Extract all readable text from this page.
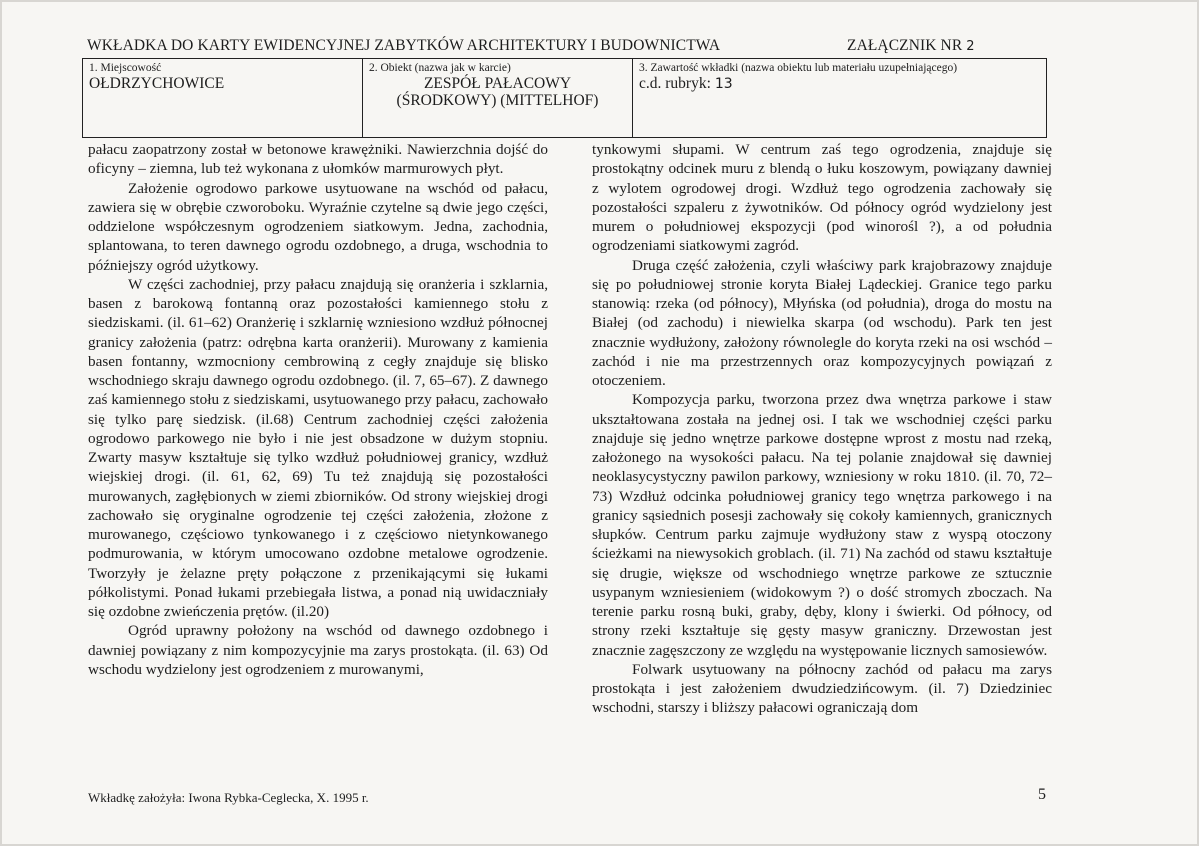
WKŁADKA DO KARTY EWIDENCYJNEJ ZABYTKÓW ARCHITEKTURY I BUDOWNICTWA	ZAŁĄCZNIK NR 2
1. Miejscowość
OŁDRZYCHOWICE

2. Obiekt (nazwa jak w karcie)
ZESPÓŁ PAŁACOWY
(ŚRODKOWY) (MITTELHOF)

3. Zawartość wkładki (nazwa obiektu lub materiału uzupełniającego)
c.d. rubryk: 13

pałacu zaopatrzony został w betonowe krawężniki. Nawierzchnia dojść do oficyny – ziemna, lub też wykonana z ułomków marmurowych płyt.

Założenie ogrodowo parkowe usytuowane na wschód od pałacu, zawiera się w obrębie czworoboku. Wyraźnie czytelne są dwie jego części, oddzielone współczesnym ogrodzeniem siatkowym. Jedna, zachodnia, splantowana, to teren dawnego ogrodu ozdobnego, a druga, wschodnia to późniejszy ogród użytkowy.

W części zachodniej, przy pałacu znajdują się oranżeria i szklarnia, basen z barokową fontanną oraz pozostałości kamiennego stołu z siedziskami. (il. 61–62) Oranżerię i szklarnię wzniesiono wzdłuż północnej granicy założenia (patrz: odrębna karta oranżerii). Murowany z kamienia basen fontanny, wzmocniony cembrowiną z cegły znajduje się blisko wschodniego skraju dawnego ogrodu ozdobnego. (il. 7, 65–67). Z dawnego zaś kamiennego stołu z siedziskami, usytuowanego przy pałacu, zachowało się tylko parę siedzisk. (il.68) Centrum zachodniej części założenia ogrodowo parkowego nie było i nie jest obsadzone w dużym stopniu. Zwarty masyw kształtuje się tylko wzdłuż południowej granicy, wzdłuż wiejskiej drogi. (il. 61, 62, 69) Tu też znajdują się pozostałości murowanych, zagłębionych w ziemi zbiorników. Od strony wiejskiej drogi zachowało się oryginalne ogrodzenie tej części założenia, złożone z murowanego, częściowo tynkowanego i z częściowo nietynkowanego podmurowania, w którym umocowano ozdobne metalowe ogrodzenie. Tworzyły je żelazne pręty połączone z przenikającymi się łukami półkolistymi. Ponad łukami przebiegała listwa, a ponad nią uwidaczniały się ozdobne zwieńczenia prętów. (il.20)

Ogród uprawny położony na wschód od dawnego ozdobnego i dawniej powiązany z nim kompozycyjnie ma zarys prostokąta. (il. 63) Od wschodu wydzielony jest ogrodzeniem z murowanymi,

tynkowymi słupami. W centrum zaś tego ogrodzenia, znajduje się prostokątny odcinek muru z blendą o łuku koszowym, powiązany dawniej z wylotem ogrodowej drogi. Wzdłuż tego ogrodzenia zachowały się pozostałości szpaleru z żywotników. Od północy ogród wydzielony jest murem o południowej ekspozycji (pod winorośl ?), a od południa ogrodzeniami siatkowymi zagród.

Druga część założenia, czyli właściwy park krajobrazowy znajduje się po południowej stronie koryta Białej Lądeckiej. Granice tego parku stanowią: rzeka (od północy), Młyńska (od południa), droga do mostu na Białej (od zachodu) i niewielka skarpa (od wschodu). Park ten jest znacznie wydłużony, założony równolegle do koryta rzeki na osi wschód – zachód i nie ma przestrzennych oraz kompozycyjnych powiązań z otoczeniem.

Kompozycja parku, tworzona przez dwa wnętrza parkowe i staw ukształtowana została na jednej osi. I tak we wschodniej części parku znajduje się jedno wnętrze parkowe dostępne wprost z mostu nad rzeką, założonego na wysokości pałacu. Na tej polanie znajdował się dawniej neoklasycystyczny pawilon parkowy, wzniesiony w roku 1810. (il. 70, 72–73) Wzdłuż odcinka południowej granicy tego wnętrza parkowego i na granicy sąsiednich posesji zachowały się cokoły kamiennych, granicznych słupków. Centrum parku zajmuje wydłużony staw z wyspą otoczony ścieżkami na niewysokich groblach. (il. 71) Na zachód od stawu kształtuje się drugie, większe od wschodniego wnętrze parkowe ze sztucznie usypanym wzniesieniem (widokowym ?) o dość stromych zboczach. Na terenie parku rosną buki, graby, dęby, klony i świerki. Od północy, od strony rzeki kształtuje się gęsty masyw graniczny. Drzewostan jest znacznie zagęszczony ze względu na występowanie licznych samosiewów.

Folwark usytuowany na północny zachód od pałacu ma zarys prostokąta i jest założeniem dwudziedzińcowym. (il. 7) Dziedziniec wschodni, starszy i bliższy pałacowi ograniczają dom

Wkładkę założyła: Iwona Rybka-Ceglecka, X. 1995 r.	5
